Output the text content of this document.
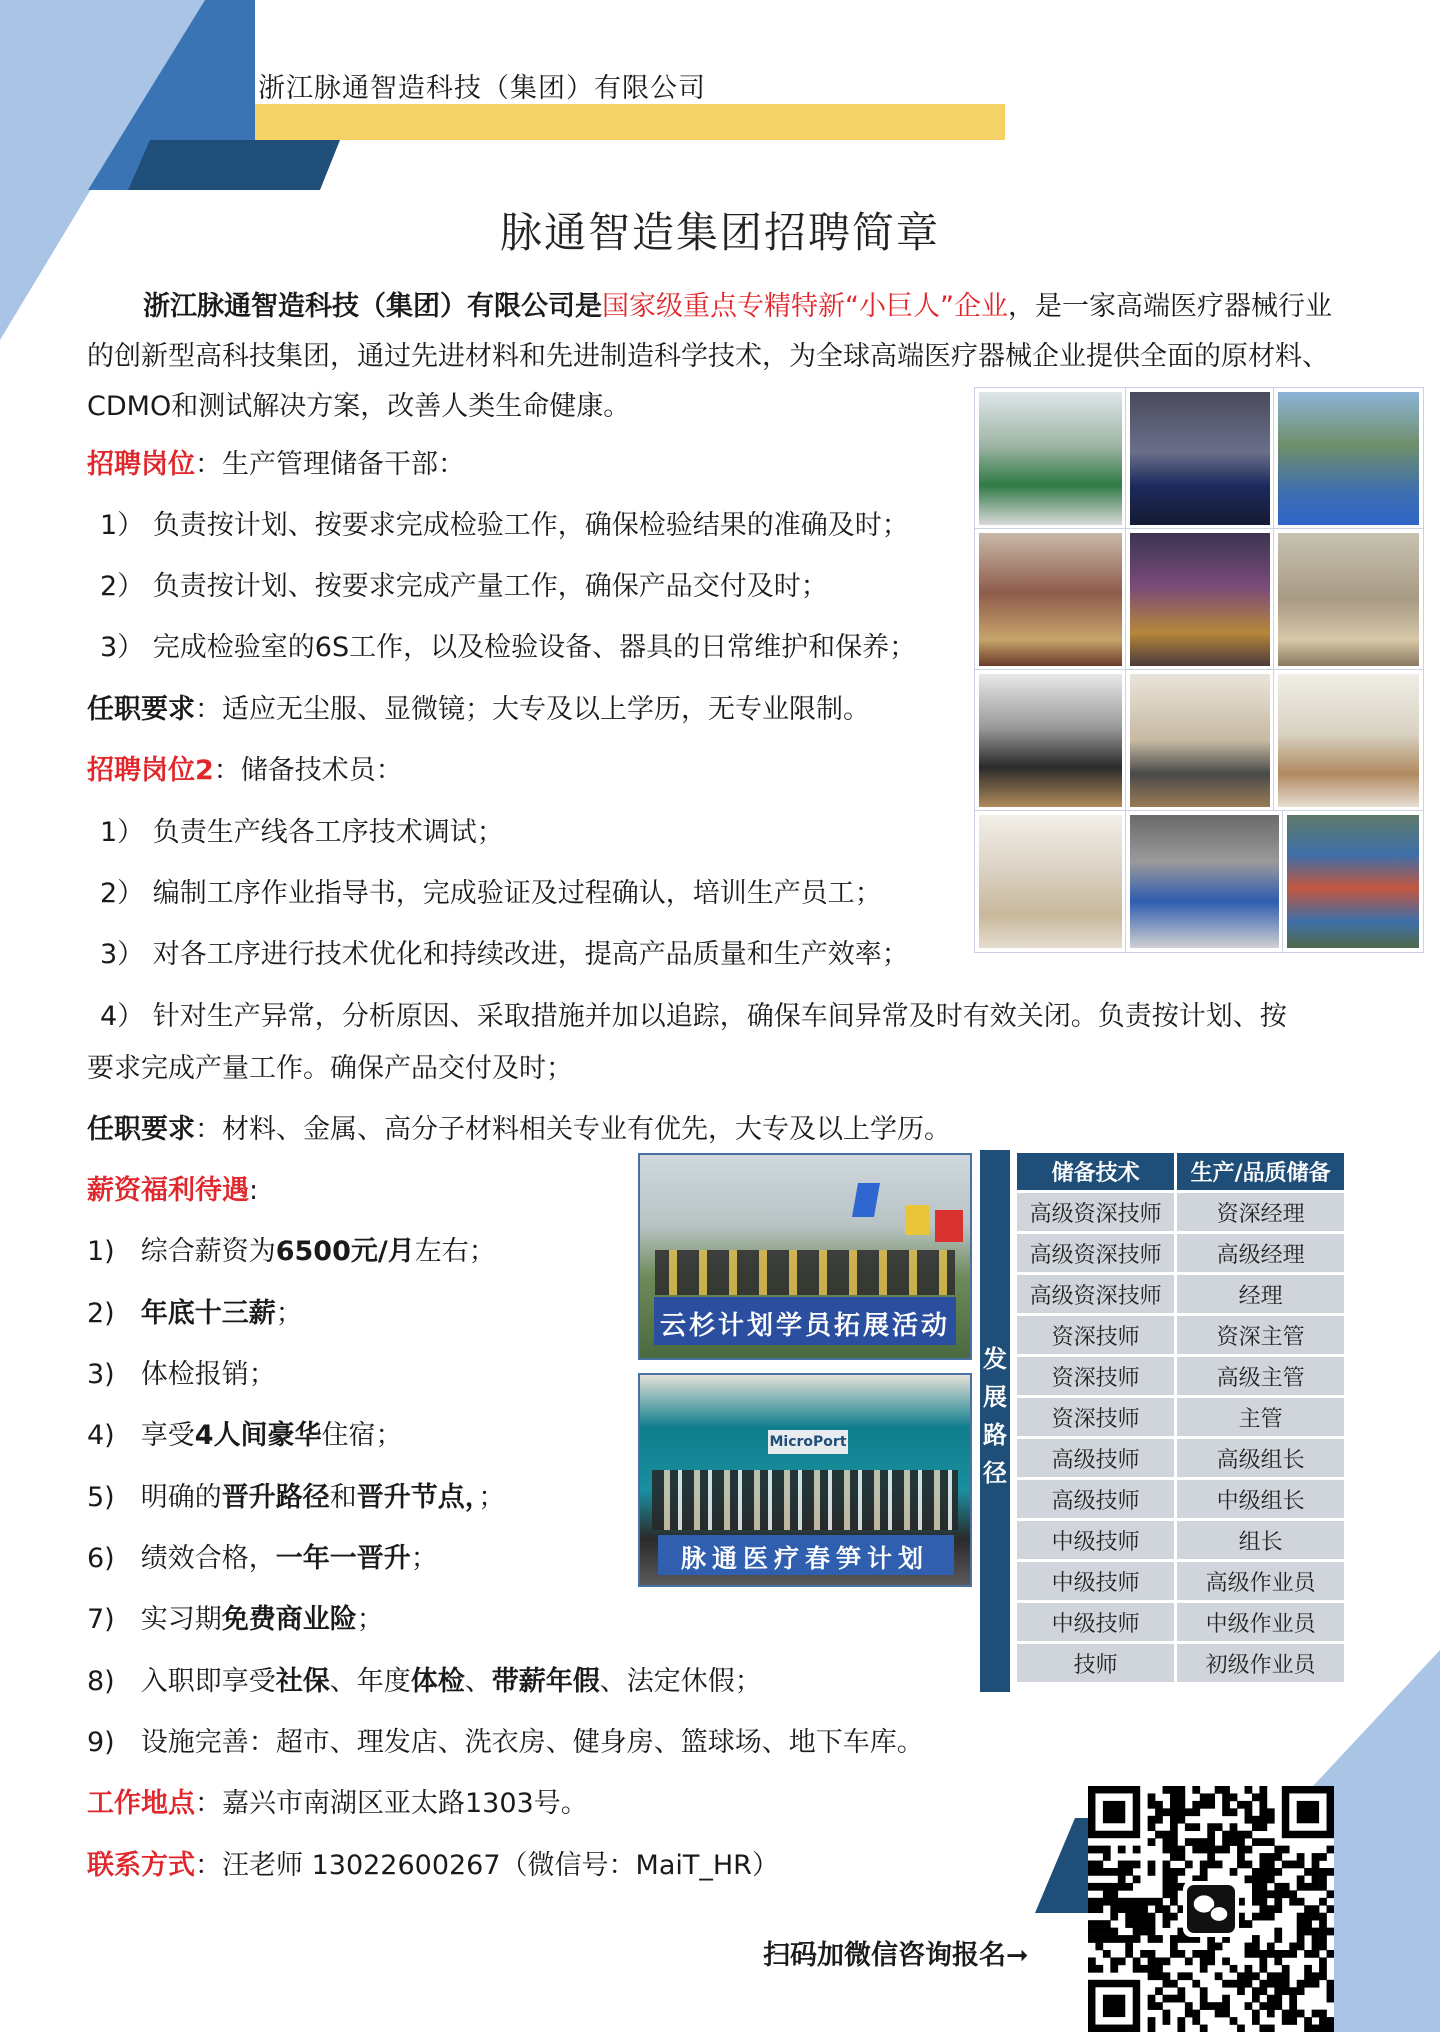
浙江脉通智造科技（集团）有限公司
脉通智造集团招聘简章
浙江脉通智造科技（集团）有限公司是国家级重点专精特新“小巨人”企业，是一家高端医疗器械行业的创新型高科技集团，通过先进材料和先进制造科学技术，为全球高端医疗器械企业提供全面的原材料、CDMO和测试解决方案，改善人类生命健康。
招聘岗位：生产管理储备干部：
1） 负责按计划、按要求完成检验工作，确保检验结果的准确及时；
2） 负责按计划、按要求完成产量工作，确保产品交付及时；
3） 完成检验室的6S工作，以及检验设备、器具的日常维护和保养；
任职要求：适应无尘服、显微镜；大专及以上学历，无专业限制。
招聘岗位2：储备技术员：
1） 负责生产线各工序技术调试；
2） 编制工序作业指导书，完成验证及过程确认，培训生产员工；
3） 对各工序进行技术优化和持续改进，提高产品质量和生产效率；
4） 针对生产异常，分析原因、采取措施并加以追踪，确保车间异常及时有效关闭。负责按计划、按
要求完成产量工作。确保产品交付及时；
任职要求：材料、金属、高分子材料相关专业有优先，大专及以上学历。
薪资福利待遇:
1) 综合薪资为6500元/月左右；
2) 年底十三薪；
3) 体检报销；
4) 享受4人间豪华住宿；
5) 明确的晋升路径和晋升节点，；
6) 绩效合格，一年一晋升；
7) 实习期免费商业险；
8) 入职即享受社保、年度体检、带薪年假、法定休假；
9) 设施完善：超市、理发店、洗衣房、健身房、篮球场、地下车库。
工作地点：嘉兴市南湖区亚太路1303号。
联系方式：汪老师 13022600267（微信号：MaiT_HR）
云杉计划学员拓展活动
MicroPort
脉通医疗春笋计划
发
展
路
径
储备技术	生产/品质储备
高级资深技师	资深经理
高级资深技师	高级经理
高级资深技师	经理
资深技师	资深主管
资深技师	高级主管
资深技师	主管
高级技师	高级组长
高级技师	中级组长
中级技师	组长
中级技师	高级作业员
中级技师	中级作业员
技师	初级作业员
扫码加微信咨询报名➞
